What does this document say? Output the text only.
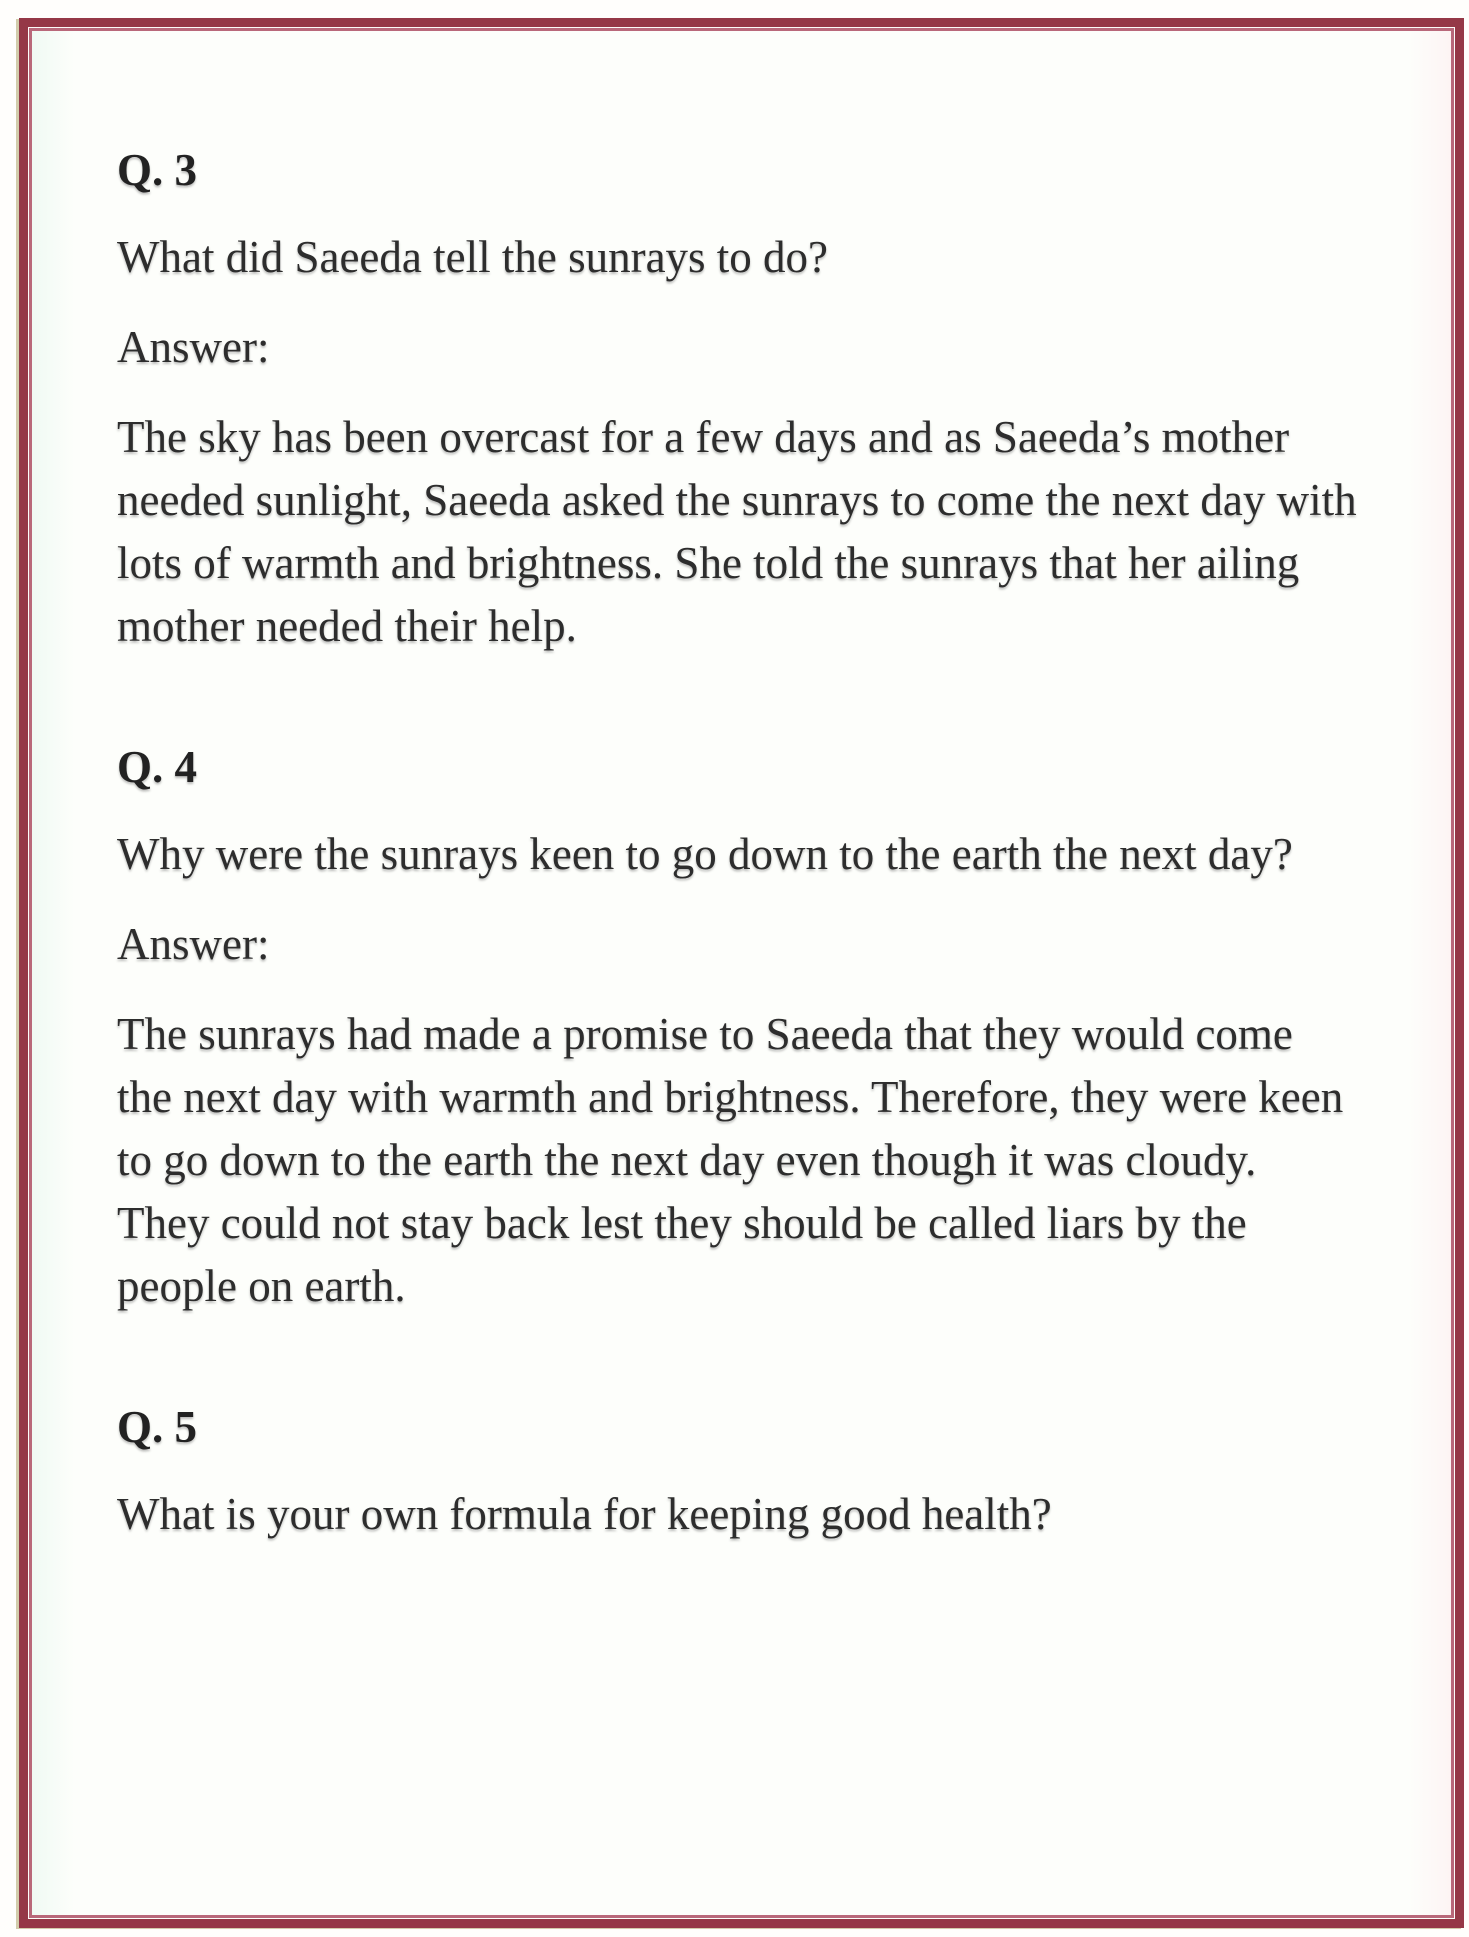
Q. 3

What did Saeeda tell the sunrays to do?

Answer:

The sky has been overcast for a few days and as Saeeda’s mother needed sunlight, Saeeda asked the sunrays to come the next day with lots of warmth and brightness. She told the sunrays that her ailing mother needed their help.

Q. 4

Why were the sunrays keen to go down to the earth the next day?

Answer:

The sunrays had made a promise to Saeeda that they would come the next day with warmth and brightness. Therefore, they were keen to go down to the earth the next day even though it was cloudy. They could not stay back lest they should be called liars by the people on earth.

Q. 5

What is your own formula for keeping good health?
